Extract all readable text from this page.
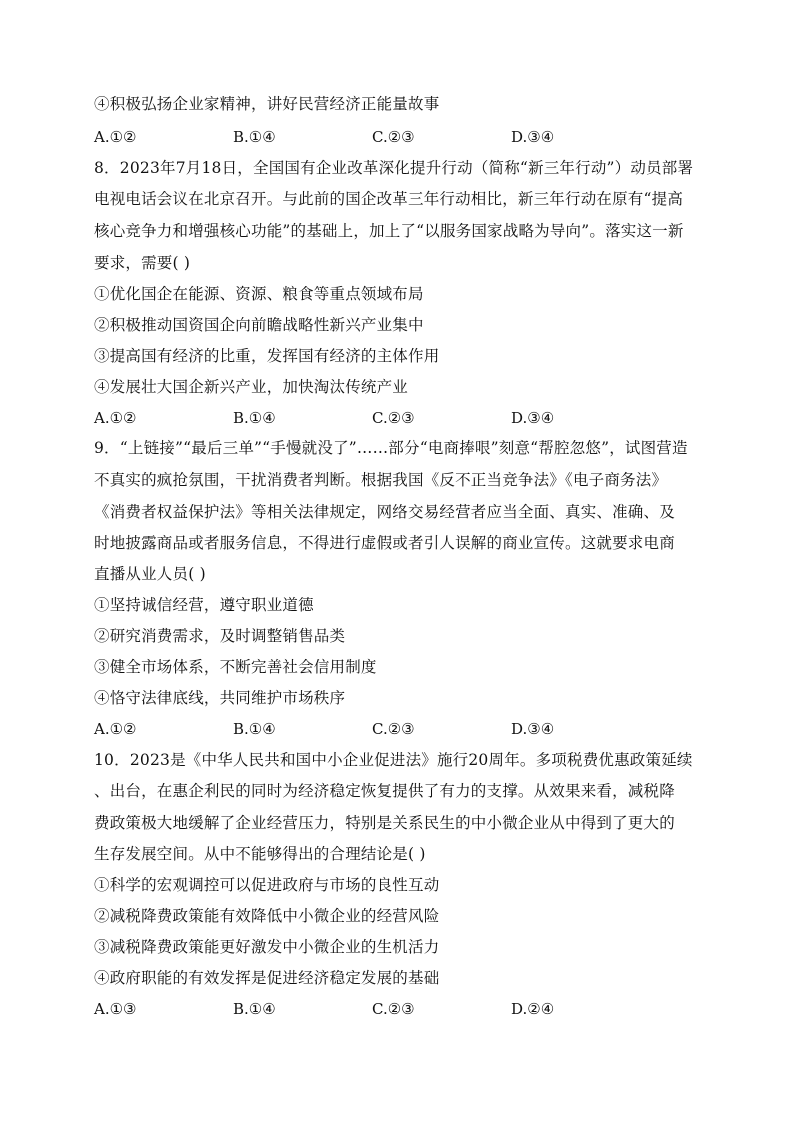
④积极弘扬企业家精神，讲好民营经济正能量故事
A.①②	B.①④	C.②③	D.③④
8．2023年7月18日，全国国有企业改革深化提升行动（简称“新三年行动”）动员部署
电视电话会议在北京召开。与此前的国企改革三年行动相比，新三年行动在原有“提高
核心竞争力和增强核心功能”的基础上，加上了“以服务国家战略为导向”。落实这一新
要求，需要( )
①优化国企在能源、资源、粮食等重点领域布局
②积极推动国资国企向前瞻战略性新兴产业集中
③提高国有经济的比重，发挥国有经济的主体作用
④发展壮大国企新兴产业，加快淘汰传统产业
A.①②	B.①④	C.②③	D.③④
9．“上链接”“最后三单”“手慢就没了”……部分“电商捧哏”刻意“帮腔忽悠”，试图营造
不真实的疯抢氛围，干扰消费者判断。根据我国《反不正当竞争法》《电子商务法》
《消费者权益保护法》等相关法律规定，网络交易经营者应当全面、真实、准确、及
时地披露商品或者服务信息，不得进行虚假或者引人误解的商业宣传。这就要求电商
直播从业人员( )
①坚持诚信经营，遵守职业道德
②研究消费需求，及时调整销售品类
③健全市场体系，不断完善社会信用制度
④恪守法律底线，共同维护市场秩序
A.①②	B.①④	C.②③	D.③④
10．2023是《中华人民共和国中小企业促进法》施行20周年。多项税费优惠政策延续
、出台，在惠企利民的同时为经济稳定恢复提供了有力的支撑。从效果来看，减税降
费政策极大地缓解了企业经营压力，特别是关系民生的中小微企业从中得到了更大的
生存发展空间。从中不能够得出的合理结论是( )
①科学的宏观调控可以促进政府与市场的良性互动
②减税降费政策能有效降低中小微企业的经营风险
③减税降费政策能更好激发中小微企业的生机活力
④政府职能的有效发挥是促进经济稳定发展的基础
A.①③	B.①④	C.②③	D.②④
